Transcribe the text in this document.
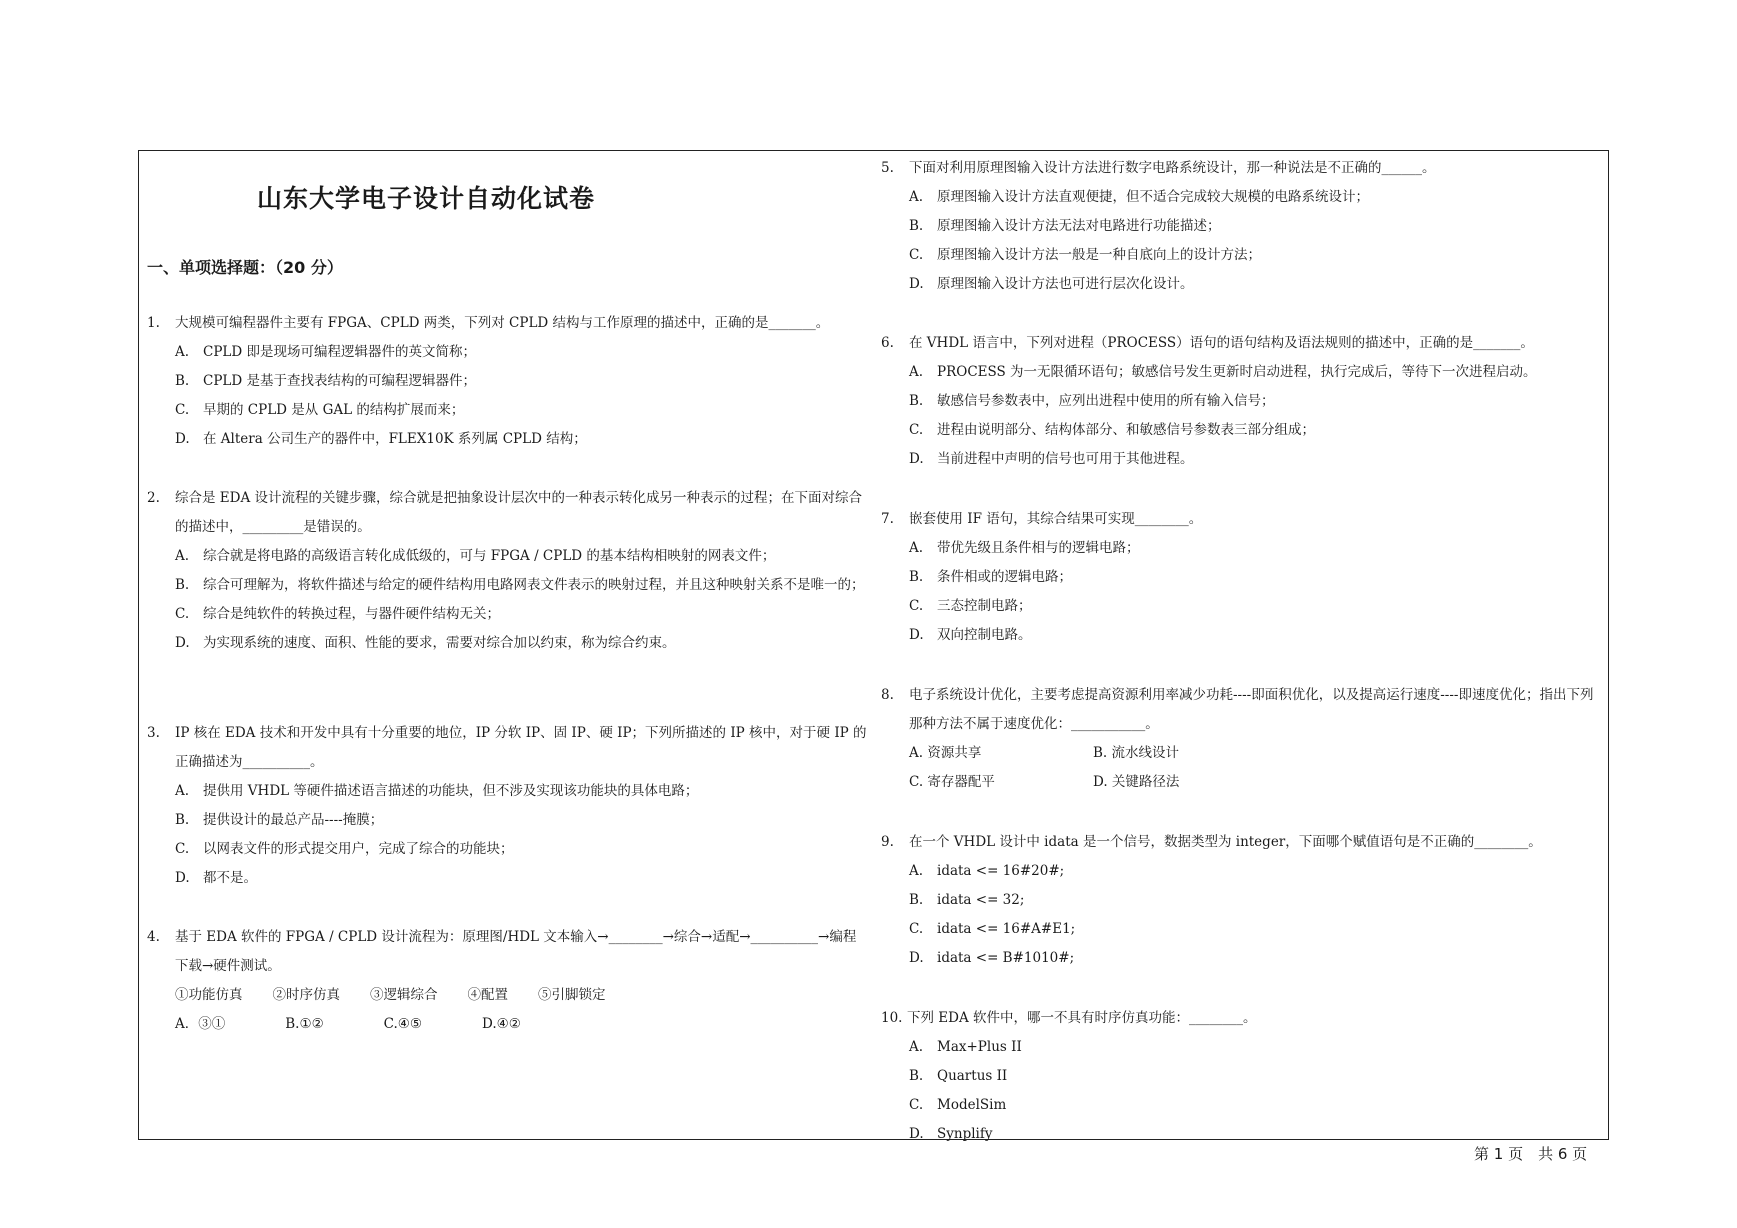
山东大学电子设计自动化试卷
一、单项选择题：（20 分）
1.	大规模可编程器件主要有 FPGA、CPLD 两类，下列对 CPLD 结构与工作原理的描述中，正确的是_______。
A.	CPLD 即是现场可编程逻辑器件的英文简称；
B.	CPLD 是基于查找表结构的可编程逻辑器件；
C.	早期的 CPLD 是从 GAL 的结构扩展而来；
D. 在 Altera 公司生产的器件中，FLEX10K 系列属 CPLD 结构；
2.	综合是 EDA 设计流程的关键步骤，综合就是把抽象设计层次中的一种表示转化成另一种表示的过程；在下面对综合的描述中，_________是错误的。
A.	综合就是将电路的高级语言转化成低级的，可与 FPGA / CPLD 的基本结构相映射的网表文件；
B.	综合可理解为，将软件描述与给定的硬件结构用电路网表文件表示的映射过程，并且这种映射关系不是唯一的；
C.	综合是纯软件的转换过程，与器件硬件结构无关；
D. 为实现系统的速度、面积、性能的要求，需要对综合加以约束，称为综合约束。
3.	IP 核在 EDA 技术和开发中具有十分重要的地位，IP 分软 IP、固 IP、硬 IP；下列所描述的 IP 核中，对于硬 IP 的正确描述为__________。
A.	提供用 VHDL 等硬件描述语言描述的功能块，但不涉及实现该功能块的具体电路；
B.	提供设计的最总产品----掩膜；
C.	以网表文件的形式提交用户，完成了综合的功能块；
D. 都不是。
4.	基于 EDA 软件的 FPGA / CPLD 设计流程为：原理图/HDL 文本输入→________→综合→适配→__________→编程下载→硬件测试。
①功能仿真 ②时序仿真 ③逻辑综合 ④配置 ⑤引脚锁定
A．③①	B.①②	C.④⑤	D.④②
5.	下面对利用原理图输入设计方法进行数字电路系统设计，那一种说法是不正确的______。
A.	原理图输入设计方法直观便捷，但不适合完成较大规模的电路系统设计；
B.	原理图输入设计方法无法对电路进行功能描述；
C.	原理图输入设计方法一般是一种自底向上的设计方法；
D. 原理图输入设计方法也可进行层次化设计。
6.	在 VHDL 语言中，下列对进程（PROCESS）语句的语句结构及语法规则的描述中，正确的是_______。
A.	PROCESS 为一无限循环语句；敏感信号发生更新时启动进程，执行完成后，等待下一次进程启动。
B.	敏感信号参数表中，应列出进程中使用的所有输入信号；
C.	进程由说明部分、结构体部分、和敏感信号参数表三部分组成；
D. 当前进程中声明的信号也可用于其他进程。
7.	嵌套使用 IF 语句，其综合结果可实现________。
A.	带优先级且条件相与的逻辑电路；
B.	条件相或的逻辑电路；
C.	三态控制电路；
D. 双向控制电路。
8.	电子系统设计优化，主要考虑提高资源利用率减少功耗----即面积优化，以及提高运行速度----即速度优化；指出下列那种方法不属于速度优化：___________。
A. 资源共享	B. 流水线设计
C. 寄存器配平	D. 关键路径法
9.	在一个 VHDL 设计中 idata 是一个信号，数据类型为 integer，下面哪个赋值语句是不正确的________。
A.	idata <= 16#20#;
B.	idata <= 32;
C.	idata <= 16#A#E1;
D. idata <= B#1010#;
10. 下列 EDA 软件中，哪一不具有时序仿真功能：________。
A.	Max+Plus II
B.	Quartus II
C.	ModelSim
D. Synplify
第 1 页　共 6 页
